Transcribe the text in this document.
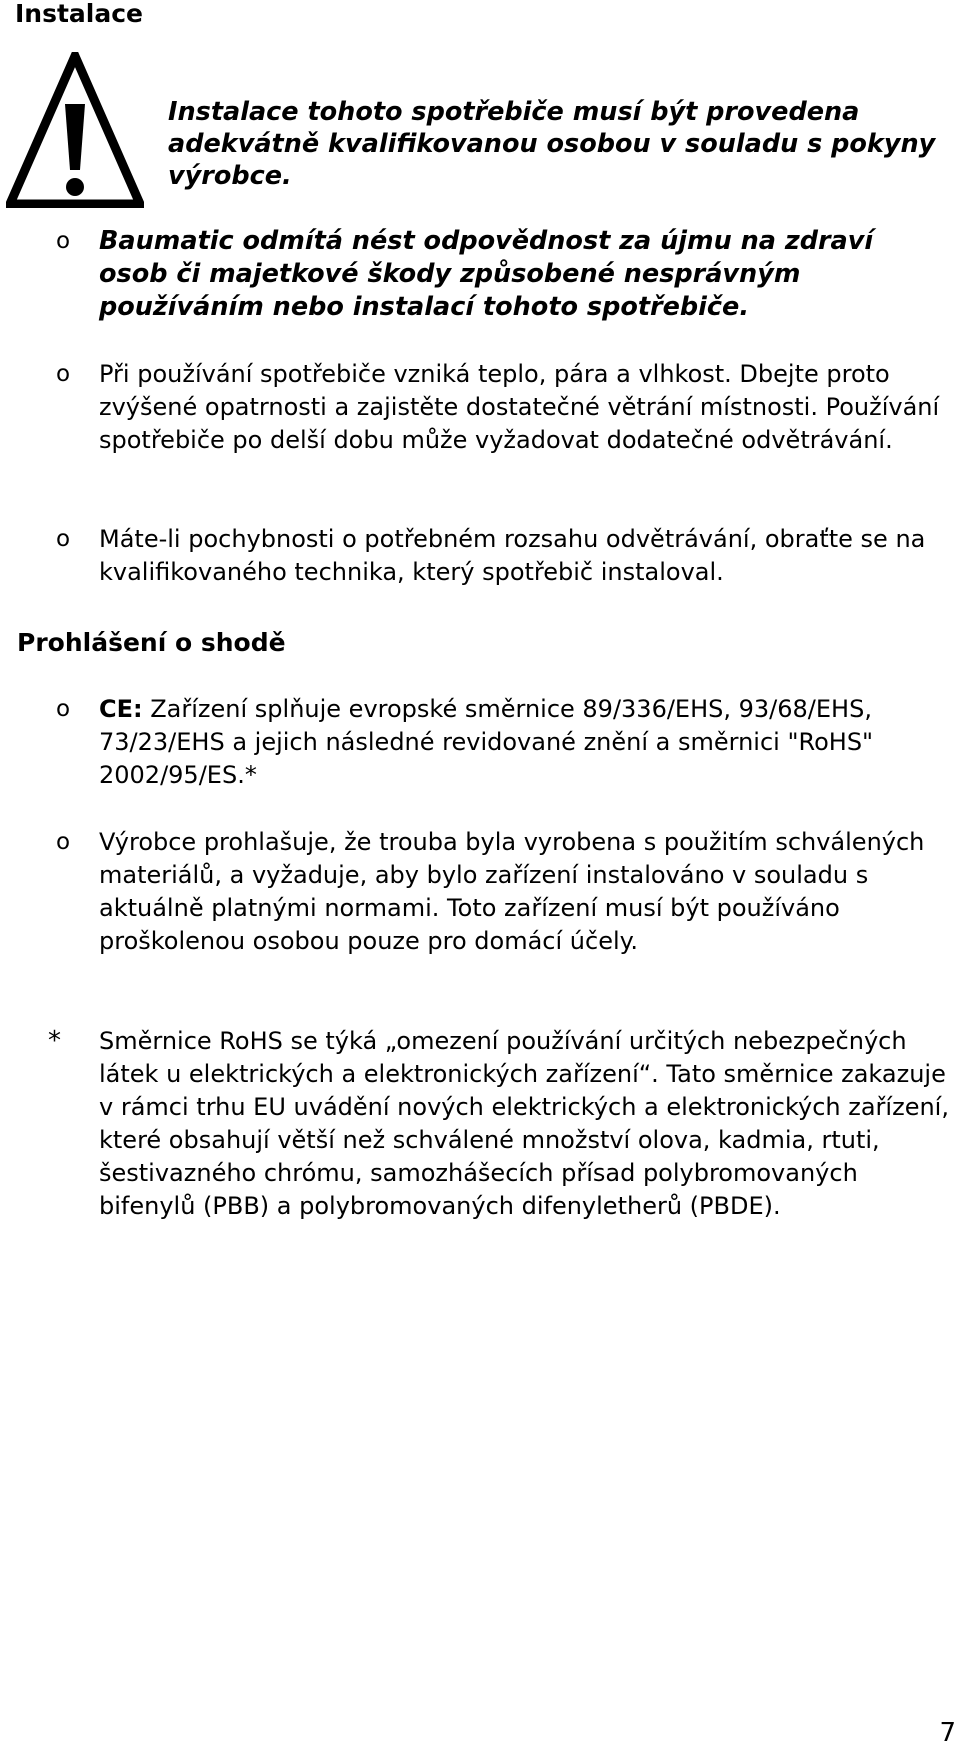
Instalace
Instalace tohoto spotřebiče musí být provedena adekvátně kvalifikovanou osobou v souladu s pokyny výrobce.
o Baumatic odmítá nést odpovědnost za újmu na zdraví osob či majetkové škody způsobené nesprávným používáním nebo instalací tohoto spotřebiče.
o Při používání spotřebiče vzniká teplo, pára a vlhkost. Dbejte proto zvýšené opatrnosti a zajistěte dostatečné větrání místnosti. Používání spotřebiče po delší dobu může vyžadovat dodatečné odvětrávání.
o Máte-li pochybnosti o potřebném rozsahu odvětrávání, obraťte se na kvalifikovaného technika, který spotřebič instaloval.
Prohlášení o shodě
o CE: Zařízení splňuje evropské směrnice 89/336/EHS, 93/68/EHS, 73/23/EHS a jejich následné revidované znění a směrnici "RoHS" 2002/95/ES.*
o Výrobce prohlašuje, že trouba byla vyrobena s použitím schválených materiálů, a vyžaduje, aby bylo zařízení instalováno v souladu s aktuálně platnými normami. Toto zařízení musí být používáno proškolenou osobou pouze pro domácí účely.
* Směrnice RoHS se týká „omezení používání určitých nebezpečných látek u elektrických a elektronických zařízení“. Tato směrnice zakazuje v rámci trhu EU uvádění nových elektrických a elektronických zařízení, které obsahují větší než schválené množství olova, kadmia, rtuti, šestivazného chrómu, samozhášecích přísad polybromovaných bifenylů (PBB) a polybromovaných difenyletherů (PBDE).
7
